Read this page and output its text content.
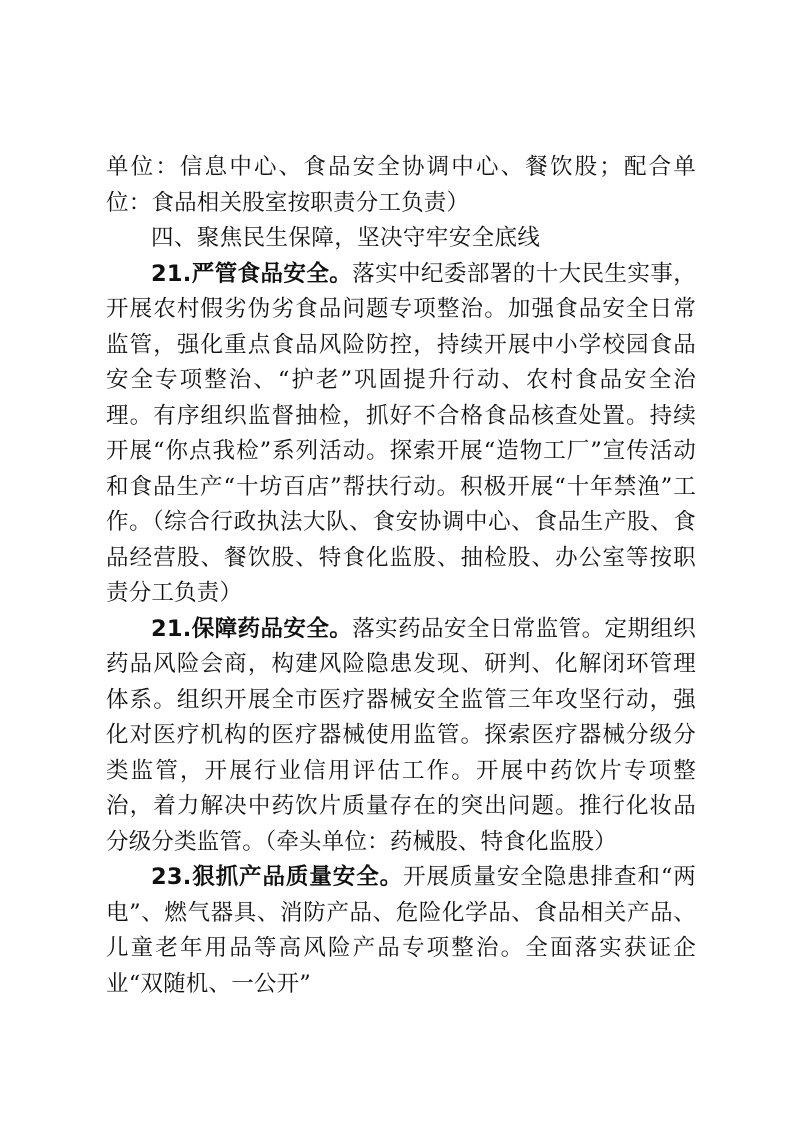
单位：信息中心、食品安全协调中心、餐饮股；配合单位：食品相关股室按职责分工负责）

四、聚焦民生保障，坚决守牢安全底线

21.严管食品安全。落实中纪委部署的十大民生实事，开展农村假劣伪劣食品问题专项整治。加强食品安全日常监管，强化重点食品风险防控，持续开展中小学校园食品安全专项整治、“护老”巩固提升行动、农村食品安全治理。有序组织监督抽检，抓好不合格食品核查处置。持续开展“你点我检”系列活动。探索开展“造物工厂”宣传活动和食品生产“十坊百店”帮扶行动。积极开展“十年禁渔”工作。（综合行政执法大队、食安协调中心、食品生产股、食品经营股、餐饮股、特食化监股、抽检股、办公室等按职责分工负责）

21.保障药品安全。落实药品安全日常监管。定期组织药品风险会商，构建风险隐患发现、研判、化解闭环管理体系。组织开展全市医疗器械安全监管三年攻坚行动，强化对医疗机构的医疗器械使用监管。探索医疗器械分级分类监管，开展行业信用评估工作。开展中药饮片专项整治，着力解决中药饮片质量存在的突出问题。推行化妆品分级分类监管。（牵头单位：药械股、特食化监股）

23.狠抓产品质量安全。开展质量安全隐患排查和“两电”、燃气器具、消防产品、危险化学品、食品相关产品、儿童老年用品等高风险产品专项整治。全面落实获证企业“双随机、一公开”
